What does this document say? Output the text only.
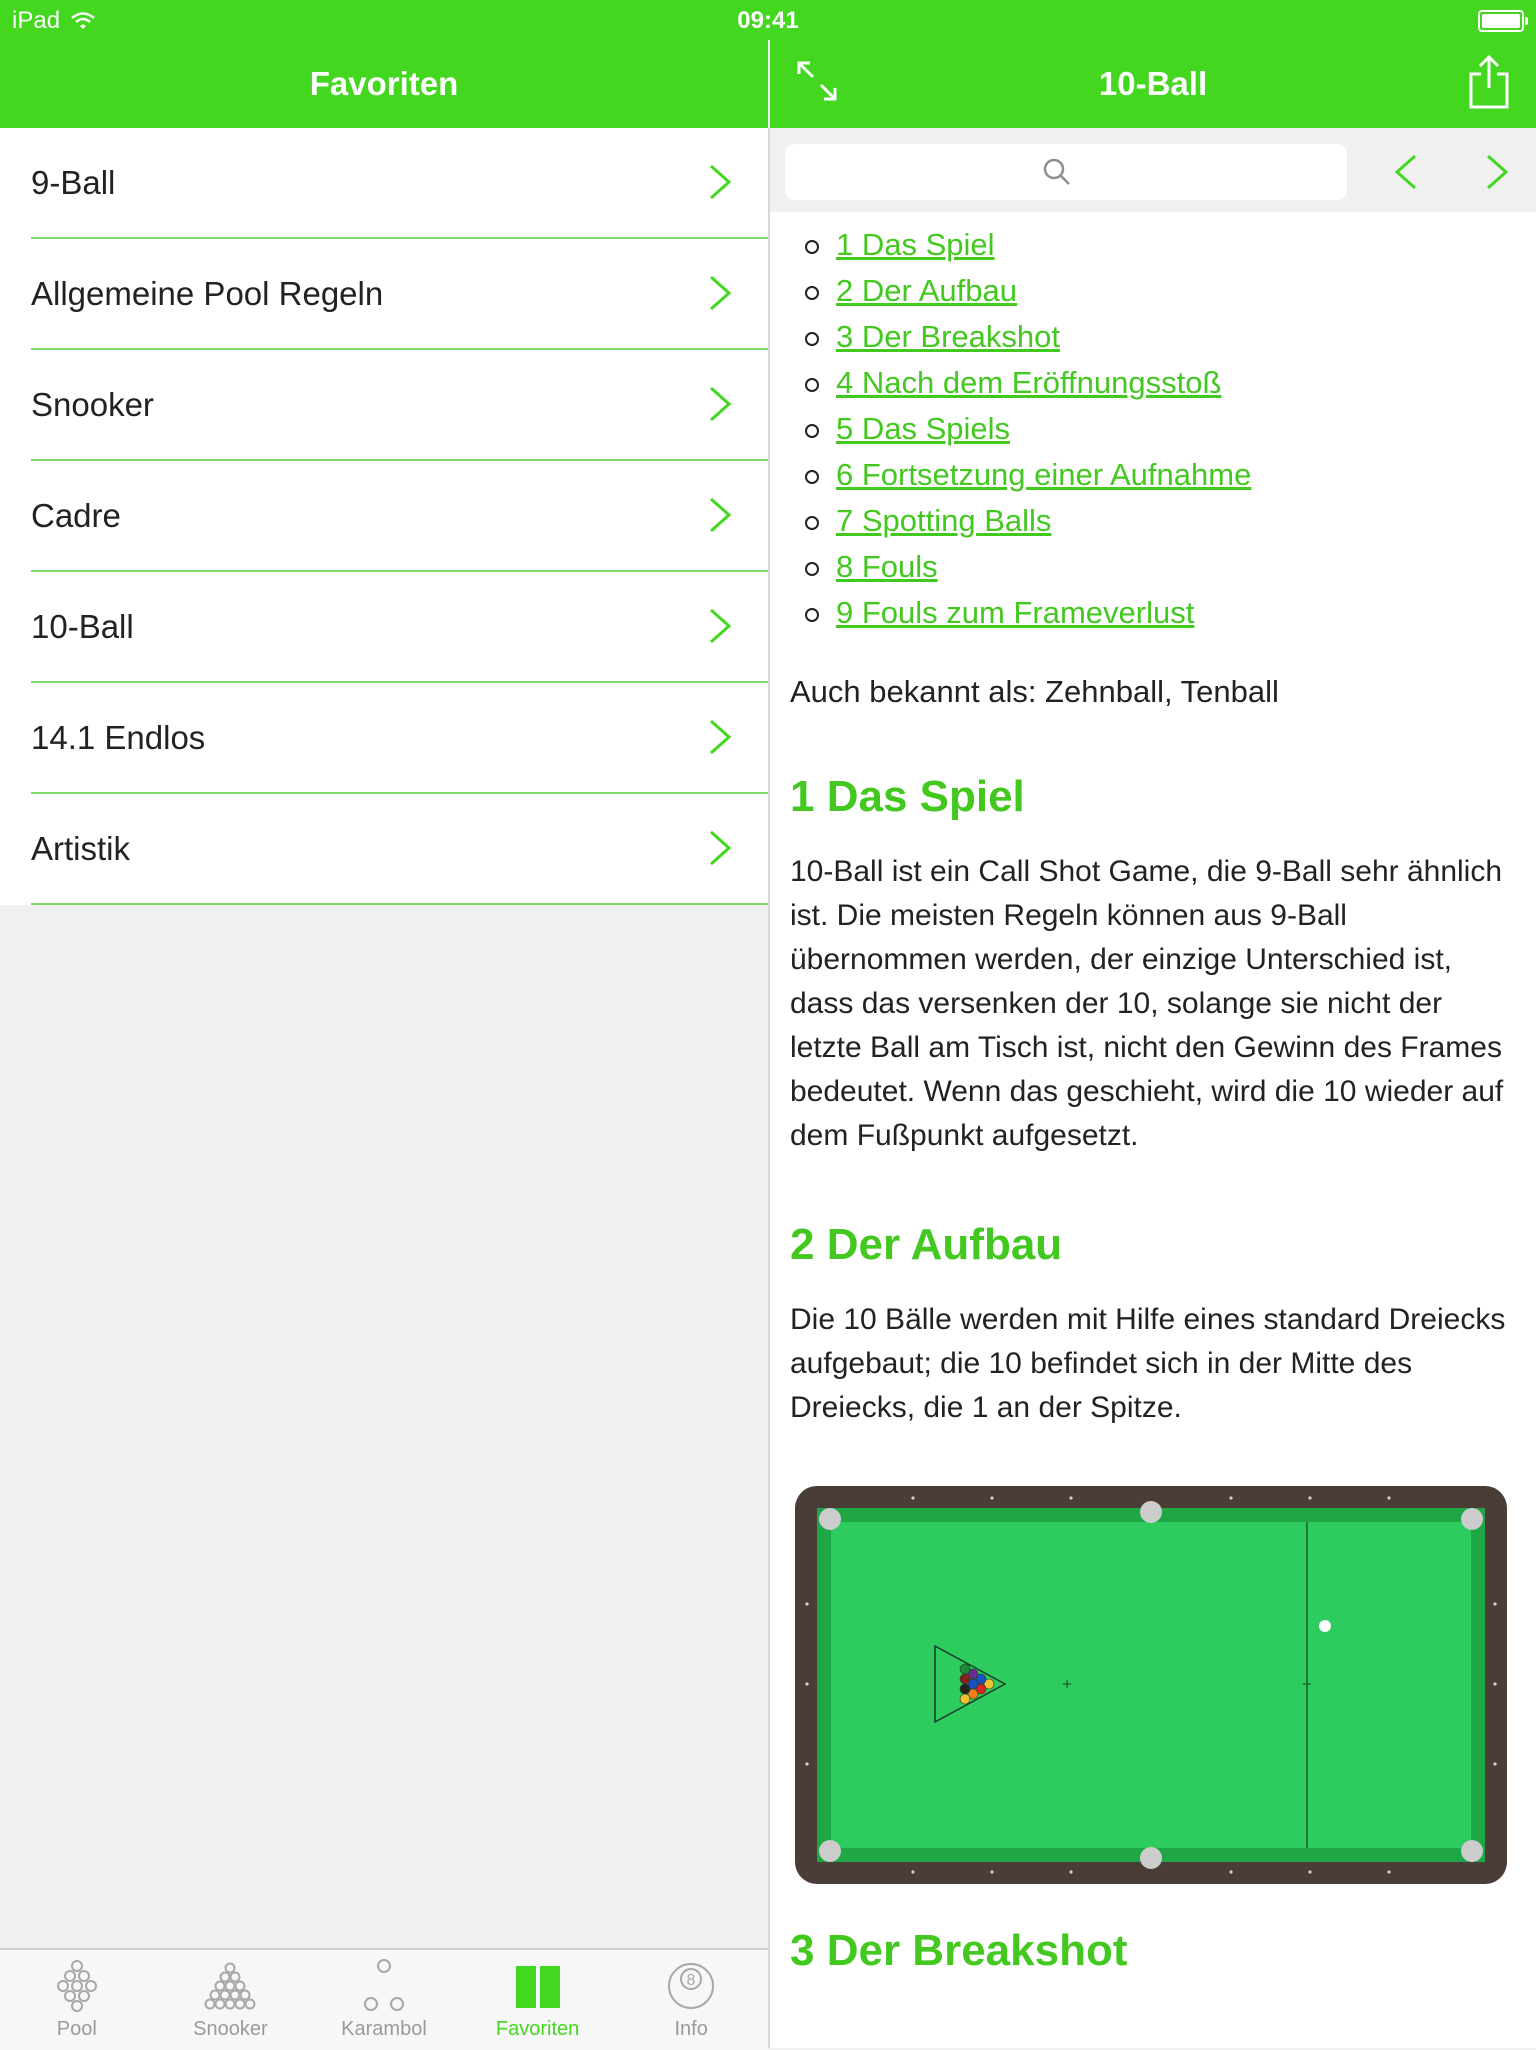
Favoriten
9-Ball
Allgemeine Pool Regeln
Snooker
Cadre
10-Ball
14.1 Endlos
Artistik
Pool	Snooker	Karambol	Favoriten
8
Info
10-Ball
1 Das Spiel
2 Der Aufbau
3 Der Breakshot
4 Nach dem Eröffnungsstoß
5 Das Spiels
6 Fortsetzung einer Aufnahme
7 Spotting Balls
8 Fouls
9 Fouls zum Frameverlust
Auch bekannt als: Zehnball, Tenball
1 Das Spiel

10-Ball ist ein Call Shot Game, die 9-Ball sehr ähnlich ist. Die meisten Regeln können aus 9-Ball übernommen werden, der einzige Unterschied ist, dass das versenken der 10, solange sie nicht der letzte Ball am Tisch ist, nicht den Gewinn des Frames bedeutet. Wenn das geschieht, wird die 10 wieder auf dem Fußpunkt aufgesetzt.

2 Der Aufbau

Die 10 Bälle werden mit Hilfe eines standard Dreiecks aufgebaut; die 10 befindet sich in der Mitte des Dreiecks, die 1 an der Spitze.

3 Der Breakshot
iPad	09:41
